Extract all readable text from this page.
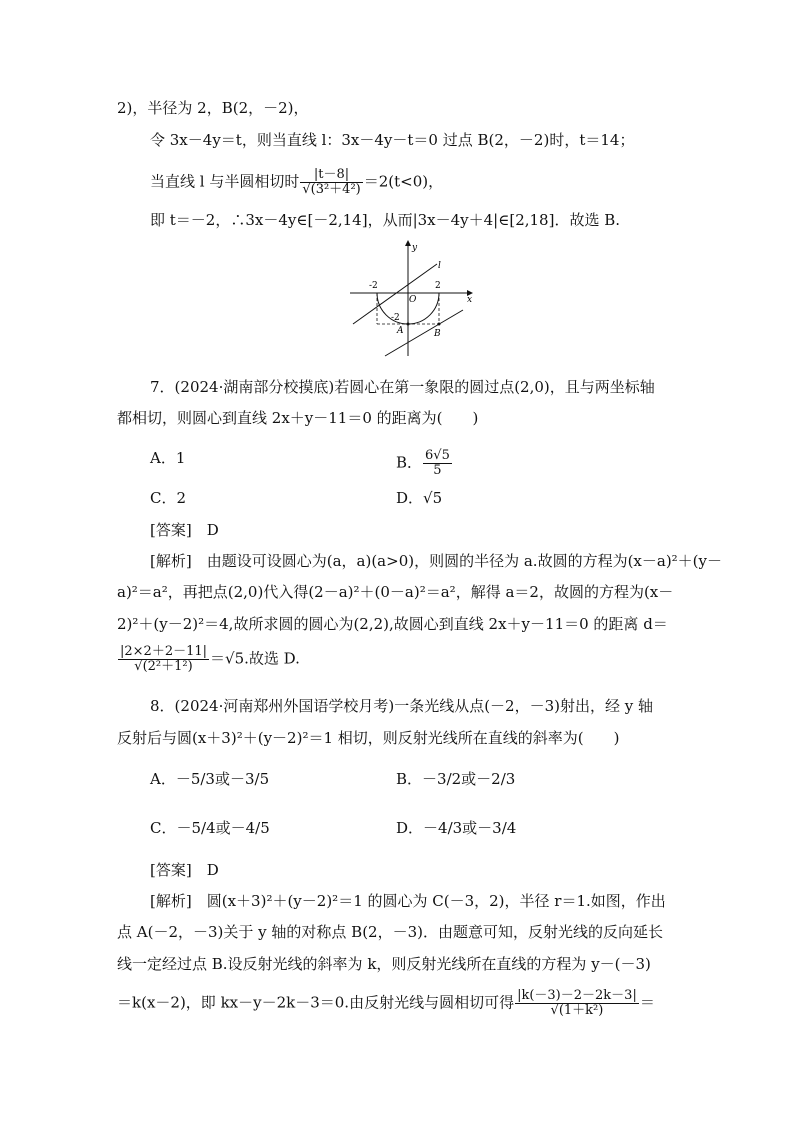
2)，半径为 2，B(2，－2)，
令 3x－4y＝t，则当直线 l：3x－4y－t＝0 过点 B(2，－2)时，t＝14；
当直线 l 与半圆相切时 $\frac{|t-8|}{\text{√(3²＋4²)}} =2(t<0)$，
即 t＝－2，∴3x－4y∈[－2,14]，从而|3x－4y＋4|∈[2,18]．故选 B.
y
l
-2
O
2
x
-2
A	B
7．(2024·湖南部分校摸底)若圆心在第一象限的圆过点(2,0)，且与两坐标轴
都相切，则圆心到直线 2x＋y－11＝0 的距离为(　　)
A．1	B． $\frac{6√5}{5}$
C．2	D．√5
[答案]　 D
[解析]　 由题设可设圆心为(a，a)(a>0)，则圆的半径为 a.故圆的方程为(x－a)²＋(y－
a)²＝a²，再把点(2,0)代入得(2－a)²＋(0－a)²＝a²，解得 a＝2，故圆的方程为(x－
2)²＋(y－2)²＝4,故所求圆的圆心为(2,2),故圆心到直线 2x＋y－11＝0 的距离 d＝
$\frac{|2\times 2+2-11|}{\text{√(2²＋1²)}} =√5$.故选 D.
8．(2024·河南郑州外国语学校月考)一条光线从点(－2，－3)射出，经 y 轴
反射后与圆(x＋3)²＋(y－2)²＝1 相切，则反射光线所在直线的斜率为(　　)
A．－5/3或－3/5	B．－3/2或－2/3
C．－5/4或－4/5	D．－4/3或－3/4
[答案]　 D
[解析]　 圆(x＋3)²＋(y－2)²＝1 的圆心为 C(－3，2)，半径 r＝1.如图，作出
点 A(－2，－3)关于 y 轴的对称点 B(2，－3)．由题意可知，反射光线的反向延长
线一定经过点 B.设反射光线的斜率为 k，则反射光线所在直线的方程为 y－(－3)
＝k(x－2)，即 kx－y－2k－3＝0.由反射光线与圆相切可得 $\frac{|k(-3)-2-2k-3|}{\text{√(1＋k²)}}$ ＝
